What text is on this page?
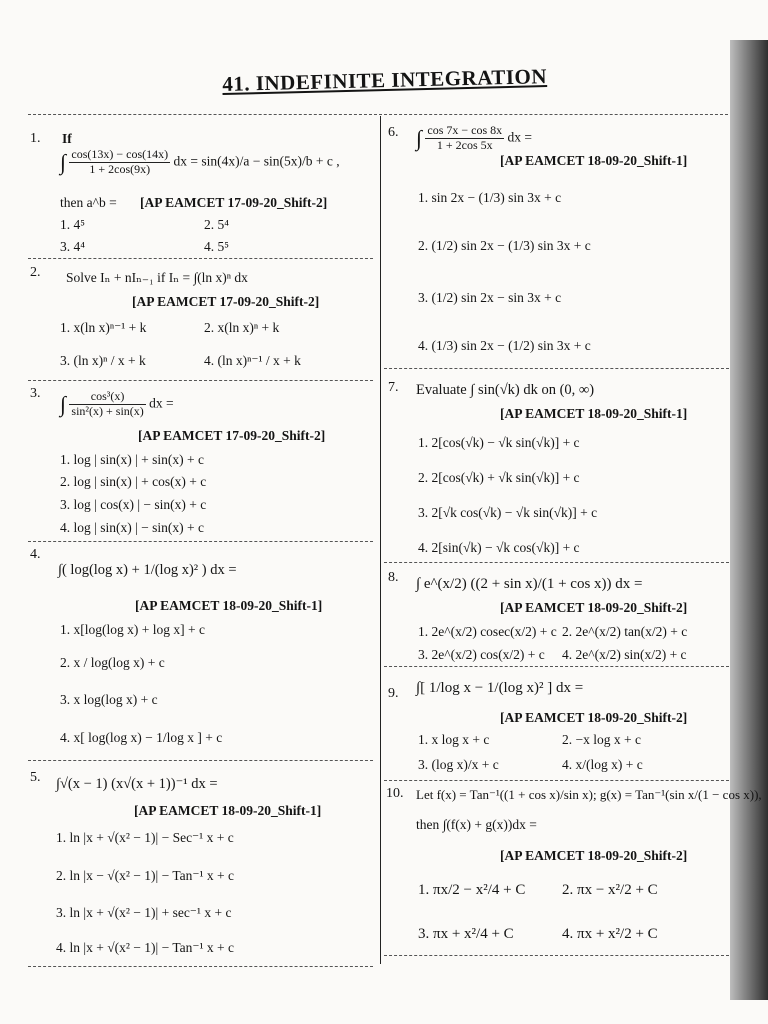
41. INDEFINITE INTEGRATION
1. If
∫ $\frac{\cos(13x) - \cos(14x)}{1 + 2\cos(9x)}$ dx = sin(4x)/a − sin(5x)/b + c ,
then a^b = [AP EAMCET 17-09-20_Shift-2]
1. 4⁵	2. 5⁴
3. 4⁴	4. 5⁵
2. Solve Iₙ + nIₙ₋₁ if Iₙ = ∫(ln x)ⁿ dx
[AP EAMCET 17-09-20_Shift-2]
1. x(ln x)ⁿ⁻¹ + k	2. x(ln x)ⁿ + k
3. (ln x)ⁿ / x + k	4. (ln x)ⁿ⁻¹ / x + k
3. ∫ $\frac{\text{cos³(x)}}{\text{sin²(x) + sin(x)}}$ dx =
[AP EAMCET 17-09-20_Shift-2]
1. log | sin(x) | + sin(x) + c
2. log | sin(x) | + cos(x) + c
3. log | cos(x) | − sin(x) + c
4. log | sin(x) | − sin(x) + c
4.
∫( log(log x) + 1/(log x)² ) dx =
[AP EAMCET 18-09-20_Shift-1]
1. x[log(log x) + log x] + c
2. x / log(log x) + c
3. x log(log x) + c
4. x[ log(log x) − 1/log x ] + c
5. ∫√(x − 1) (x√(x + 1))⁻¹ dx =
[AP EAMCET 18-09-20_Shift-1]
1. ln |x + √(x² − 1)| − Sec⁻¹ x + c
2. ln |x − √(x² − 1)| − Tan⁻¹ x + c
3. ln |x + √(x² − 1)| + sec⁻¹ x + c
4. ln |x + √(x² − 1)| − Tan⁻¹ x + c
6. ∫ $\frac{\cos 7x - \cos 8x}{1 + 2\cos 5x}$ dx =
[AP EAMCET 18-09-20_Shift-1]
1. sin 2x − (1/3) sin 3x + c
2. (1/2) sin 2x − (1/3) sin 3x + c
3. (1/2) sin 2x − sin 3x + c
4. (1/3) sin 2x − (1/2) sin 3x + c
7. Evaluate ∫ sin(√k) dk on (0, ∞)
[AP EAMCET 18-09-20_Shift-1]
1. 2[cos(√k) − √k sin(√k)] + c
2. 2[cos(√k) + √k sin(√k)] + c
3. 2[√k cos(√k) − √k sin(√k)] + c
4. 2[sin(√k) − √k cos(√k)] + c
8. ∫ e^(x/2) ((2 + sin x)/(1 + cos x)) dx =
[AP EAMCET 18-09-20_Shift-2]
1. 2e^(x/2) cosec(x/2) + c 2. 2e^(x/2) tan(x/2) + c
3. 2e^(x/2) cos(x/2) + c 4. 2e^(x/2) sin(x/2) + c
9. ∫[ 1/log x − 1/(log x)² ] dx =
[AP EAMCET 18-09-20_Shift-2]
1. x log x + c	2. −x log x + c
3. (log x)/x + c	4. x/(log x) + c
10. Let f(x) = Tan⁻¹((1 + cos x)/sin x); g(x) = Tan⁻¹(sin x/(1 − cos x)),
then ∫(f(x) + g(x))dx =
[AP EAMCET 18-09-20_Shift-2]
1. πx/2 − x²/4 + C 2. πx − x²/2 + C
3. πx + x²/4 + C	4. πx + x²/2 + C
